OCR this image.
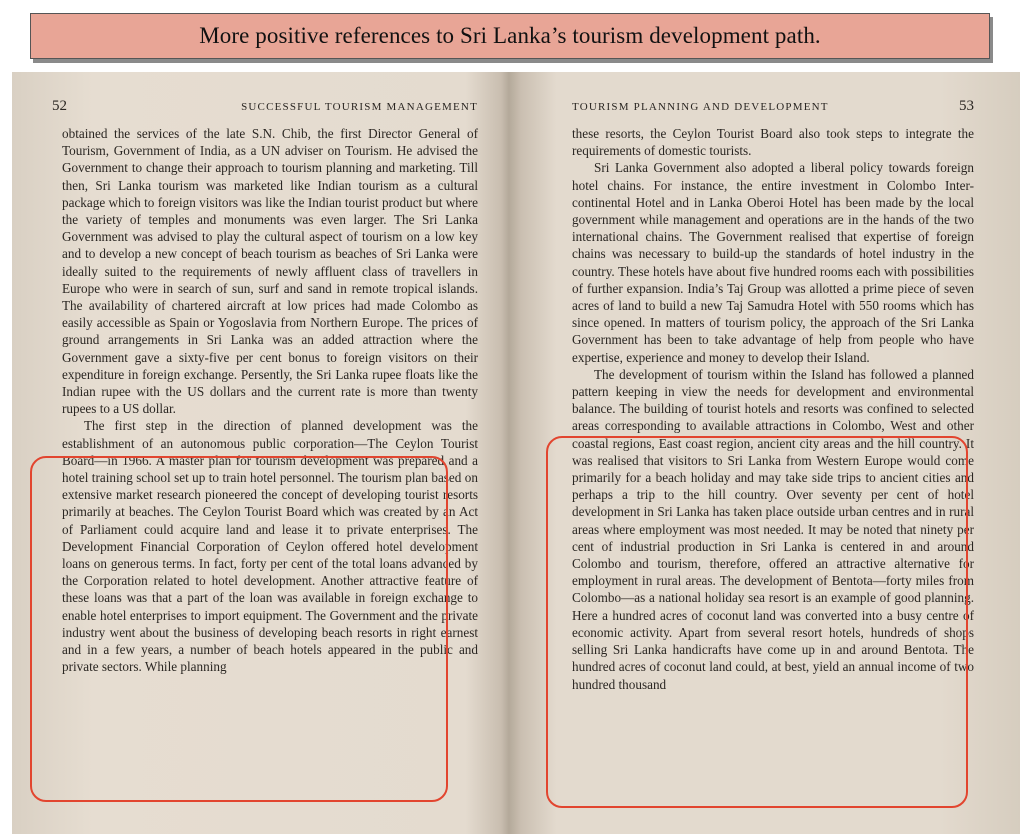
More positive references to Sri Lanka’s tourism development path.
52	SUCCESSFUL TOURISM MANAGEMENT

obtained the services of the late S.N. Chib, the first Director General of Tourism, Government of India, as a UN adviser on Tourism. He advised the Government to change their approach to tourism planning and marketing. Till then, Sri Lanka tourism was marketed like Indian tourism as a cultural package which to foreign visitors was like the Indian tourist product but where the variety of temples and monuments was even larger. The Sri Lanka Government was advised to play the cultural aspect of tourism on a low key and to develop a new concept of beach tourism as beaches of Sri Lanka were ideally suited to the requirements of newly affluent class of travellers in Europe who were in search of sun, surf and sand in remote tropical islands. The availability of chartered aircraft at low prices had made Colombo as easily accessible as Spain or Yogoslavia from Northern Europe. The prices of ground arrangements in Sri Lanka was an added attraction where the Government gave a sixty-five per cent bonus to foreign visitors on their expenditure in foreign exchange. Persently, the Sri Lanka rupee floats like the Indian rupee with the US dollars and the current rate is more than twenty rupees to a US dollar.

The first step in the direction of planned development was the establishment of an autonomous public corporation—The Ceylon Tourist Board—in 1966. A master plan for tourism development was prepared and a hotel training school set up to train hotel personnel. The tourism plan based on extensive market research pioneered the concept of developing tourist resorts primarily at beaches. The Ceylon Tourist Board which was created by an Act of Parliament could acquire land and lease it to private enterprises. The Development Financial Corporation of Ceylon offered hotel development loans on generous terms. In fact, forty per cent of the total loans advanced by the Corporation related to hotel development. Another attractive feature of these loans was that a part of the loan was available in foreign exchange to enable hotel enterprises to import equipment. The Government and the private industry went about the business of developing beach resorts in right earnest and in a few years, a number of beach hotels appeared in the public and private sectors. While planning

TOURISM PLANNING AND DEVELOPMENT	53

these resorts, the Ceylon Tourist Board also took steps to integrate the requirements of domestic tourists.

Sri Lanka Government also adopted a liberal policy towards foreign hotel chains. For instance, the entire investment in Colombo Inter-continental Hotel and in Lanka Oberoi Hotel has been made by the local government while management and operations are in the hands of the two international chains. The Government realised that expertise of foreign chains was necessary to build-up the standards of hotel industry in the country. These hotels have about five hundred rooms each with possibilities of further expansion. India’s Taj Group was allotted a prime piece of seven acres of land to build a new Taj Samudra Hotel with 550 rooms which has since opened. In matters of tourism policy, the approach of the Sri Lanka Government has been to take advantage of help from people who have expertise, experience and money to develop their Island.

The development of tourism within the Island has followed a planned pattern keeping in view the needs for development and environmental balance. The building of tourist hotels and resorts was confined to selected areas corresponding to available attractions in Colombo, West and other coastal regions, East coast region, ancient city areas and the hill country. It was realised that visitors to Sri Lanka from Western Europe would come primarily for a beach holiday and may take side trips to ancient cities and perhaps a trip to the hill country. Over seventy per cent of hotel development in Sri Lanka has taken place outside urban centres and in rural areas where employment was most needed. It may be noted that ninety per cent of industrial production in Sri Lanka is centered in and around Colombo and tourism, therefore, offered an attractive alternative for employment in rural areas. The development of Bentota—forty miles from Colombo—as a national holiday sea resort is an example of good planning. Here a hundred acres of coconut land was converted into a busy centre of economic activity. Apart from several resort hotels, hundreds of shops selling Sri Lanka handicrafts have come up in and around Bentota. The hundred acres of coconut land could, at best, yield an annual income of two hundred thousand
